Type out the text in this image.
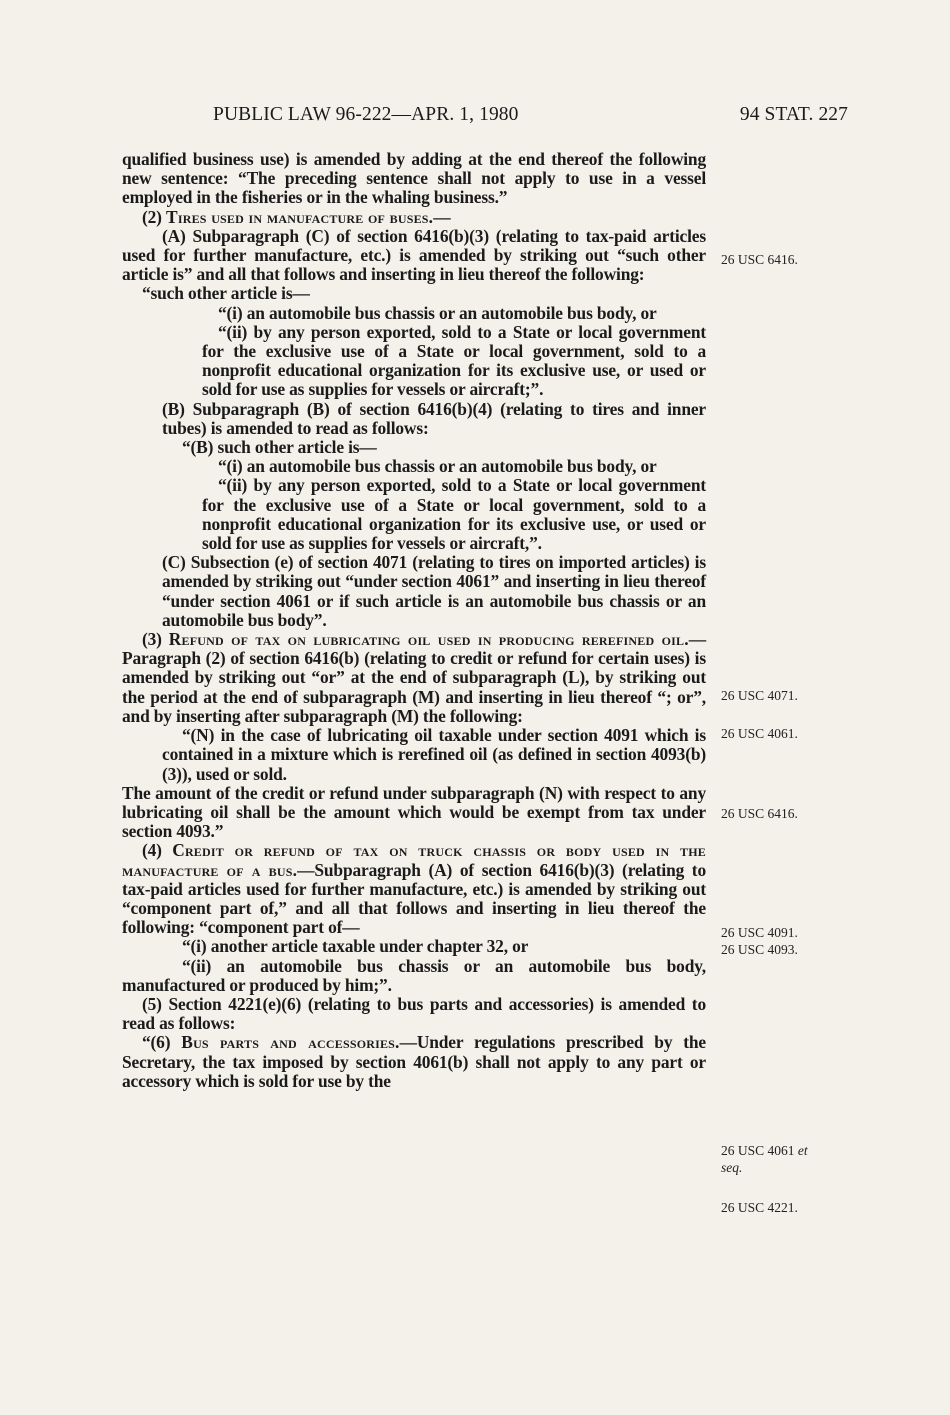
PUBLIC LAW 96-222—APR. 1, 1980	94 STAT. 227

qualified business use) is amended by adding at the end thereof the following new sentence: “The preceding sentence shall not apply to use in a vessel employed in the fisheries or in the whaling business.”

(2) Tires used in manufacture of buses.—

(A) Subparagraph (C) of section 6416(b)(3) (relating to tax-paid articles used for further manufacture, etc.) is amended by striking out “such other article is” and all that follows and inserting in lieu thereof the following:

“such other article is—

“(i) an automobile bus chassis or an automobile bus body, or

“(ii) by any person exported, sold to a State or local government for the exclusive use of a State or local government, sold to a nonprofit educational organization for its exclusive use, or used or sold for use as supplies for vessels or aircraft;”.

(B) Subparagraph (B) of section 6416(b)(4) (relating to tires and inner tubes) is amended to read as follows:

“(B) such other article is—

“(i) an automobile bus chassis or an automobile bus body, or

“(ii) by any person exported, sold to a State or local government for the exclusive use of a State or local government, sold to a nonprofit educational organization for its exclusive use, or used or sold for use as supplies for vessels or aircraft,”.

(C) Subsection (e) of section 4071 (relating to tires on imported articles) is amended by striking out “under section 4061” and inserting in lieu thereof “under section 4061 or if such article is an automobile bus chassis or an automobile bus body”.

(3) Refund of tax on lubricating oil used in producing rerefined oil.—Paragraph (2) of section 6416(b) (relating to credit or refund for certain uses) is amended by striking out “or” at the end of subparagraph (L), by striking out the period at the end of subparagraph (M) and inserting in lieu thereof “; or”, and by inserting after subparagraph (M) the following:

“(N) in the case of lubricating oil taxable under section 4091 which is contained in a mixture which is rerefined oil (as defined in section 4093(b)(3)), used or sold.

The amount of the credit or refund under subparagraph (N) with respect to any lubricating oil shall be the amount which would be exempt from tax under section 4093.”

(4) Credit or refund of tax on truck chassis or body used in the manufacture of a bus.—Subparagraph (A) of section 6416(b)(3) (relating to tax-paid articles used for further manufacture, etc.) is amended by striking out “component part of,” and all that follows and inserting in lieu thereof the following: “component part of—

“(i) another article taxable under chapter 32, or

“(ii) an automobile bus chassis or an automobile bus body, manufactured or produced by him;”.

(5) Section 4221(e)(6) (relating to bus parts and accessories) is amended to read as follows:

“(6) Bus parts and accessories.—Under regulations prescribed by the Secretary, the tax imposed by section 4061(b) shall not apply to any part or accessory which is sold for use by the

26 USC 6416.
26 USC 4071.
26 USC 4061.
26 USC 6416.
26 USC 4091.
26 USC 4093.
26 USC 4061 et
seq.
26 USC 4221.
